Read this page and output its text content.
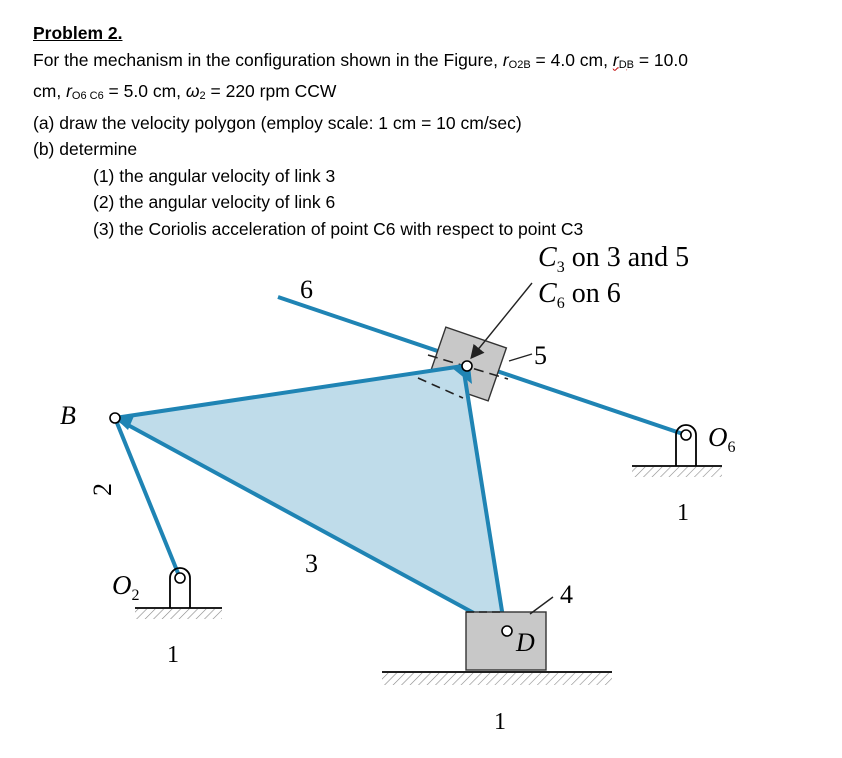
Problem 2.
For the mechanism in the configuration shown in the Figure, rO2B = 4.0 cm, rDB = 10.0
cm, rO6 C6 = 5.0 cm, ω2 = 220 rpm CCW
(a) draw the velocity polygon (employ scale: 1 cm = 10 cm/sec)
(b) determine
(1) the angular velocity of link 3
(2) the angular velocity of link 6
(3) the Coriolis acceleration of point C6 with respect to point C3
$C_3$ on 3 and 5
$C_6$ on 6
6
5
B
2
$O_6$
1
3
$O_2$
1
4
D
1
